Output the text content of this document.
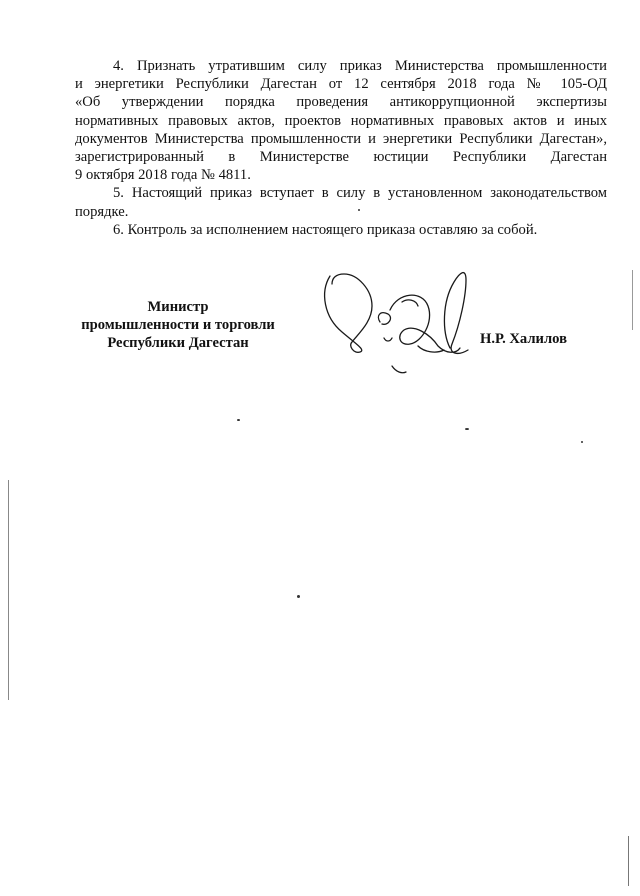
4. Признать утратившим силу приказ Министерства промышленности
и энергетики Республики Дагестан от 12 сентября 2018 года № 105-ОД
«Об утверждении порядка проведения антикоррупционной экспертизы
нормативных правовых актов, проектов нормативных правовых актов и иных
документов Министерства промышленности и энергетики Республики Дагестан»,
зарегистрированный в Министерстве юстиции Республики Дагестан
9 октября 2018 года № 4811.
5. Настоящий приказ вступает в силу в установленном законодательством
порядке.
6. Контроль за исполнением настоящего приказа оставляю за собой.
Министр
промышленности и торговли
Республики Дагестан	Н.Р. Халилов
